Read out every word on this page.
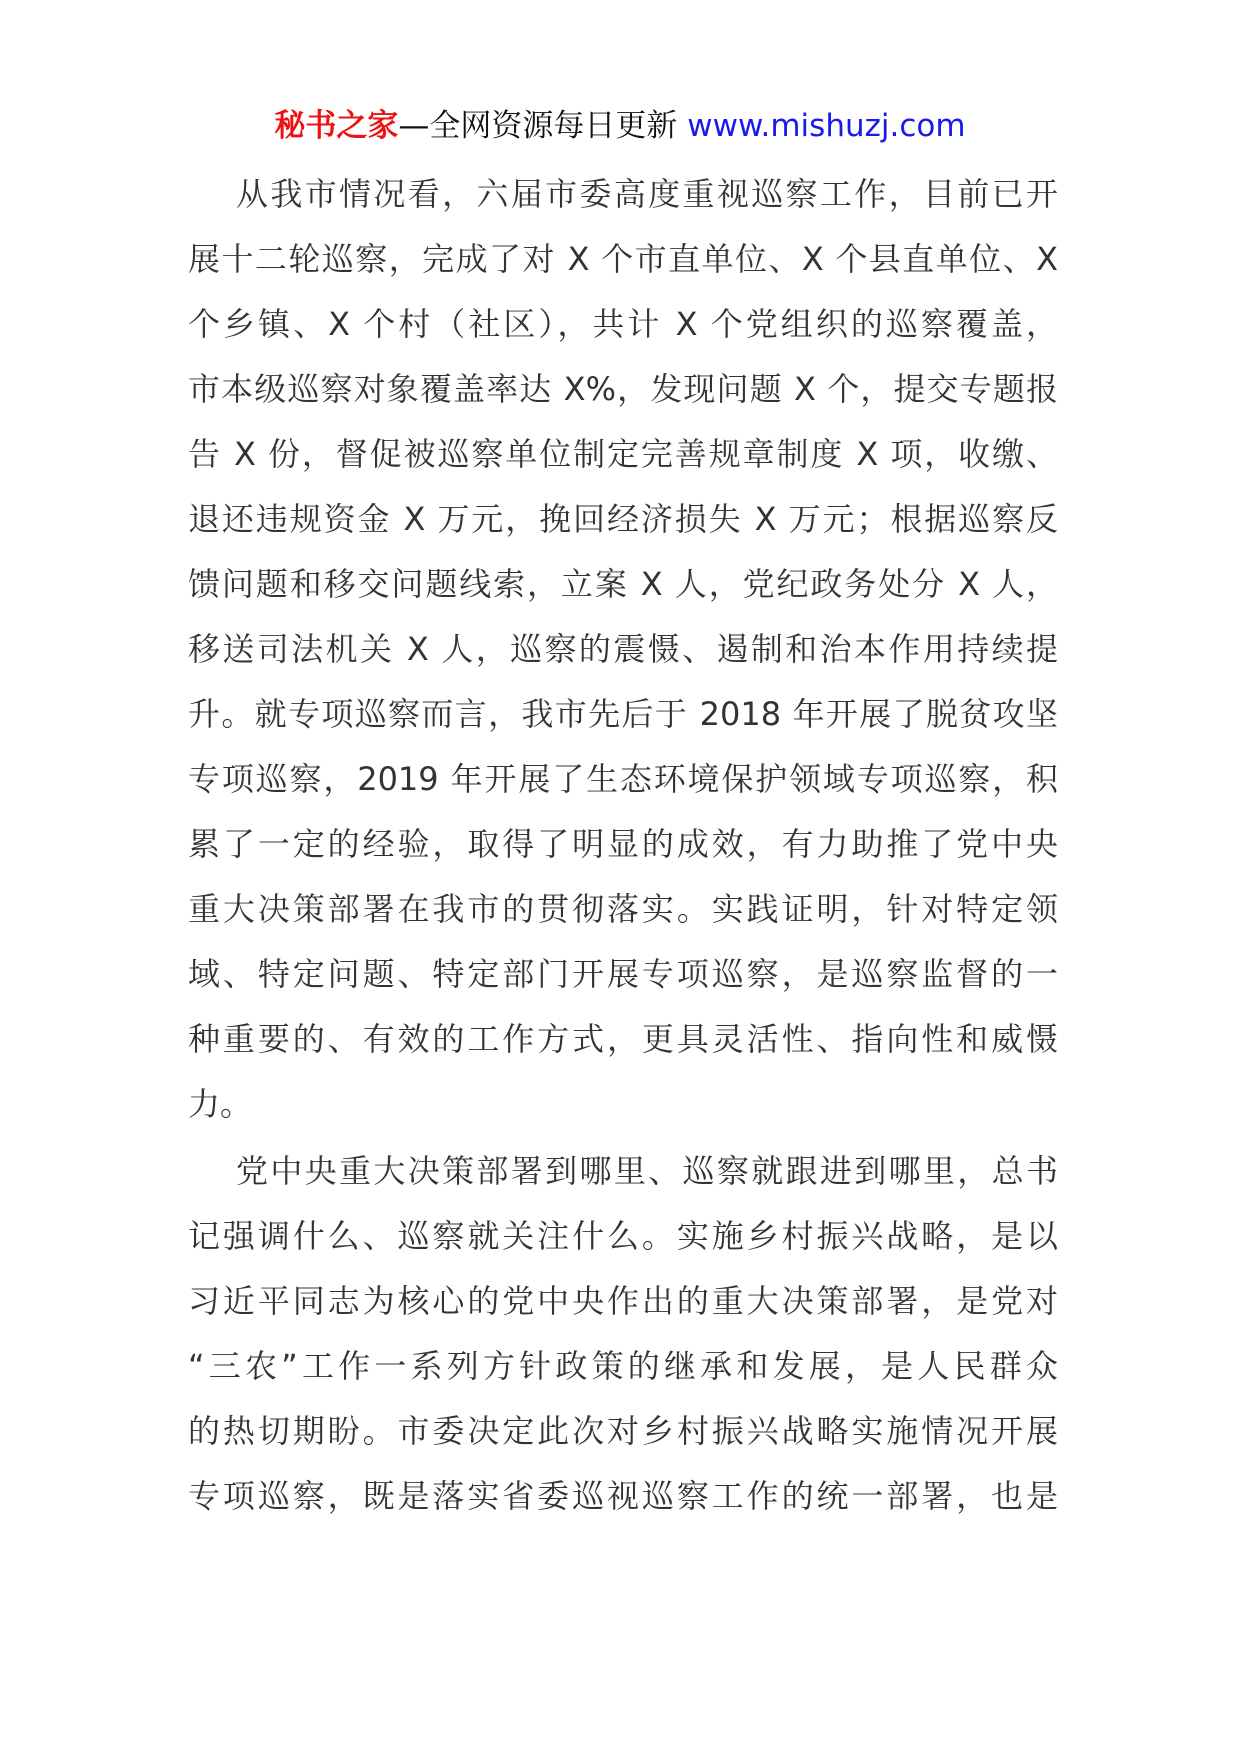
秘书之家—全网资源每日更新 www.mishuzj.com
从我市情况看，六届市委高度重视巡察工作，目前已开
展十二轮巡察，完成了对 X 个市直单位、X 个县直单位、X
个乡镇、X 个村（社区），共计 X 个党组织的巡察覆盖，
市本级巡察对象覆盖率达 X%，发现问题 X 个，提交专题报
告 X 份，督促被巡察单位制定完善规章制度 X 项，收缴、
退还违规资金 X 万元，挽回经济损失 X 万元；根据巡察反
馈问题和移交问题线索，立案 X 人，党纪政务处分 X 人，
移送司法机关 X 人，巡察的震慑、遏制和治本作用持续提
升。就专项巡察而言，我市先后于 2018 年开展了脱贫攻坚
专项巡察，2019 年开展了生态环境保护领域专项巡察，积
累了一定的经验，取得了明显的成效，有力助推了党中央
重大决策部署在我市的贯彻落实。实践证明，针对特定领
域、特定问题、特定部门开展专项巡察，是巡察监督的一
种重要的、有效的工作方式，更具灵活性、指向性和威慑
力。
党中央重大决策部署到哪里、巡察就跟进到哪里，总书
记强调什么、巡察就关注什么。实施乡村振兴战略，是以
习近平同志为核心的党中央作出的重大决策部署，是党对
“三农”工作一系列方针政策的继承和发展，是人民群众
的热切期盼。市委决定此次对乡村振兴战略实施情况开展
专项巡察，既是落实省委巡视巡察工作的统一部署，也是
